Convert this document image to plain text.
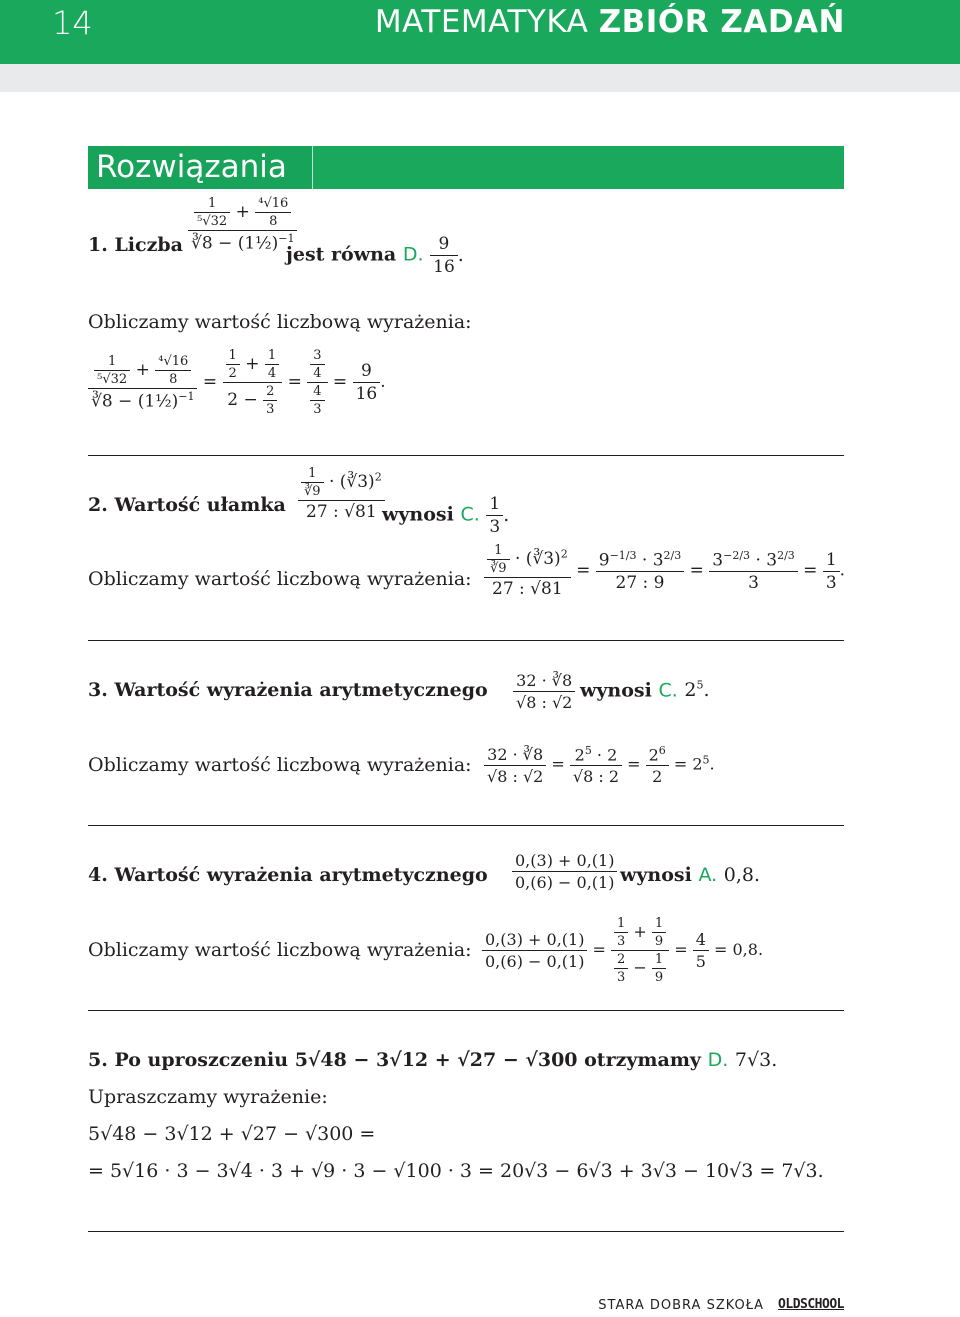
14	MATEMATYKA ZBIÓR ZADAŃ
Rozwiązania
1. Liczba $\frac{\frac{1}{\text{⁵√32}} + \frac{\text{⁴√16}}{8}}{∛8 - (1\frac{1}{2})^{-1}}$
jest równa D. $\frac{9}{16}$ .
Obliczamy wartość liczbową wyrażenia:
$\frac{\frac{1}{\text{⁵√32}} + \frac{\text{⁴√16}}{8}}{∛8 - (1\frac{1}{2})^{-1}} = \frac{\frac{1}{2} + \frac{1}{4}}{2 - \frac{2}{3}} = \frac{\frac{3}{4}}{\frac{4}{3}} = \frac{9}{16}$ .
2. Wartość ułamka $\frac{\frac{1}{∛9} \cdot (∛3)^2}{27 : √81}$
wynosi C. $\frac{1}{3}$ .
Obliczamy wartość liczbową wyrażenia: $\frac{\frac{1}{∛9} \cdot (∛3)^2}{27 : √81} = \frac{9^{-1/3} \cdot 3^{2/3}}{27 : 9} = \frac{3^{-2/3} \cdot 3^{2/3}}{3} = \frac{1}{3}$ .
3. Wartość wyrażenia arytmetycznego $\frac{32 \cdot ∛8}{√8 : √2}$ wynosi C. $2^5$.
Obliczamy wartość liczbową wyrażenia: $\frac{32 \cdot ∛8}{√8 : √2} = \frac{2^5 \cdot 2}{√8 : 2} = \frac{2^6}{2} = 2^5$.
4. Wartość wyrażenia arytmetycznego $\frac{0,(3) + 0,(1)}{0,(6) - 0,(1)}$ wynosi A. 0,8.
Obliczamy wartość liczbową wyrażenia: $\frac{0,(3) + 0,(1)}{0,(6) - 0,(1)} = \frac{\frac{1}{3} + \frac{1}{9}}{\frac{2}{3} - \frac{1}{9}} = \frac{4}{5} = 0,8$.
5. Po uproszczeniu 5√48 − 3√12 + √27 − √300 otrzymamy D. 7√3.
Upraszczamy wyrażenie:
5√48 − 3√12 + √27 − √300 =
= 5√16 · 3 − 3√4 · 3 + √9 · 3 − √100 · 3 = 20√3 − 6√3 + 3√3 − 10√3 = 7√3.
STARA DOBRA SZKOŁA OLDSCHOOL
